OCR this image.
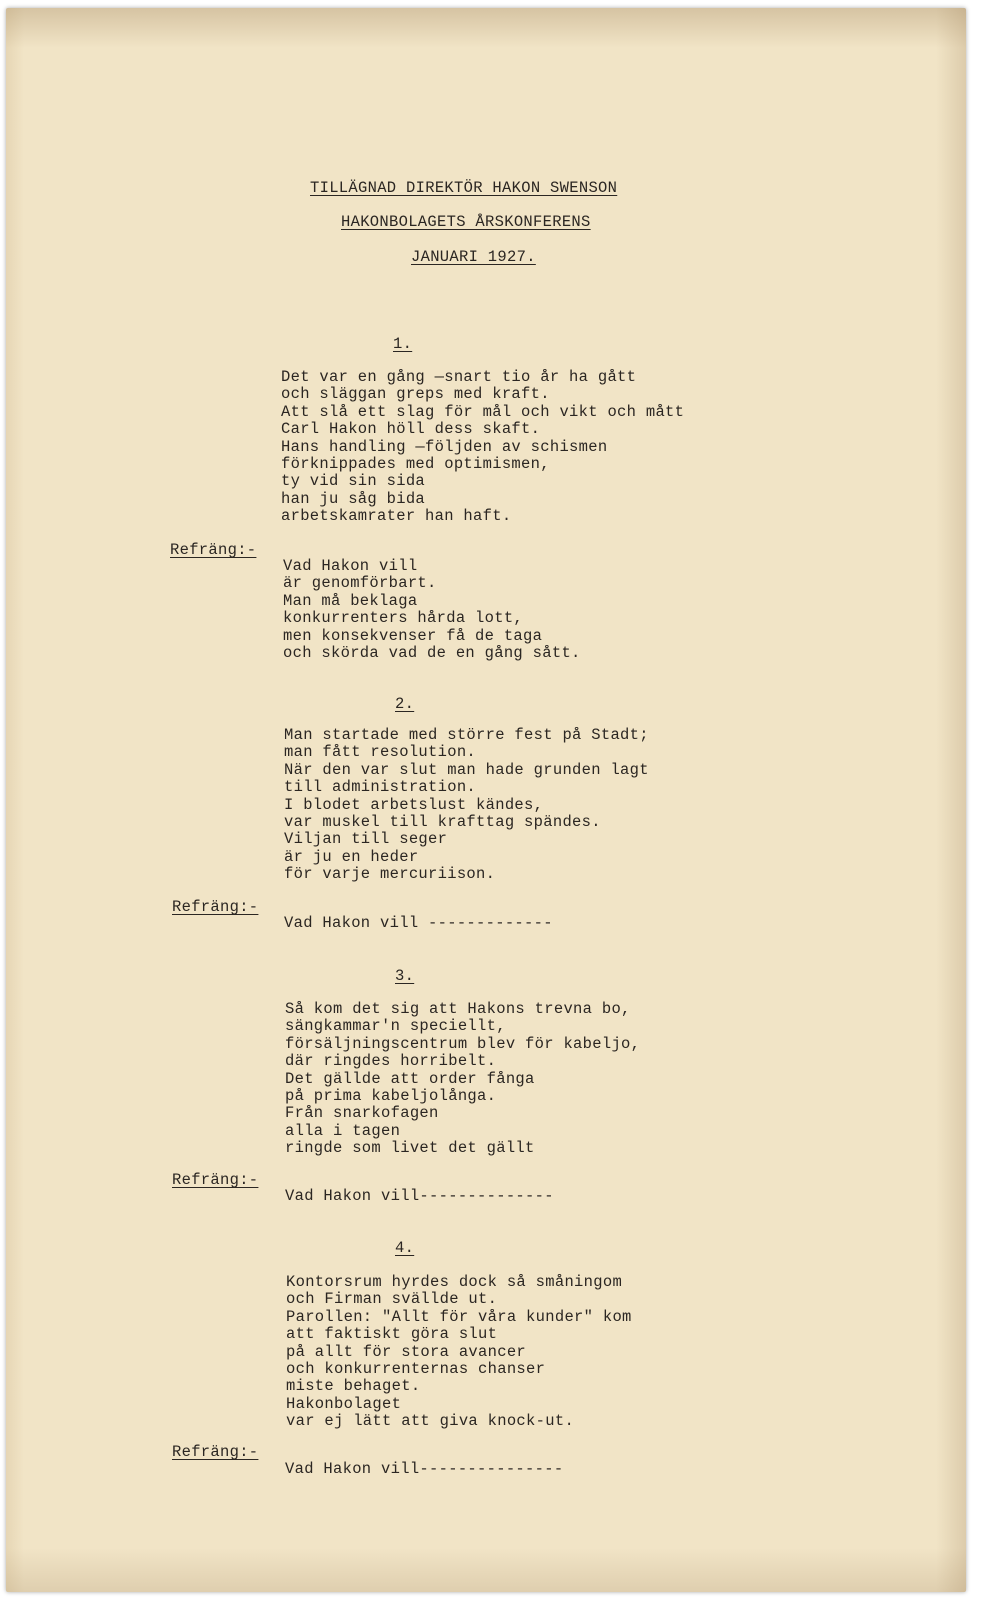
TILLÄGNAD DIREKTÖR HAKON SWENSON
HAKONBOLAGETS ÅRSKONFERENS
JANUARI 1927.
1.
Det var en gång —snart tio år ha gått
och släggan greps med kraft.
Att slå ett slag för mål och vikt och mått
Carl Hakon höll dess skaft.
Hans handling —följden av schismen
förknippades med optimismen,
ty vid sin sida
han ju såg bida
arbetskamrater han haft.
Refräng:-
Vad Hakon vill
är genomförbart.
Man må beklaga
konkurrenters hårda lott,
men konsekvenser få de taga
och skörda vad de en gång sått.
2.
Man startade med större fest på Stadt;
man fått resolution.
När den var slut man hade grunden lagt
till administration.
I blodet arbetslust kändes,
var muskel till krafttag spändes.
Viljan till seger
är ju en heder
för varje mercuriison.
Refräng:-
Vad Hakon vill -------------
3.
Så kom det sig att Hakons trevna bo,
sängkammar'n speciellt,
försäljningscentrum blev för kabeljo,
där ringdes horribelt.
Det gällde att order fånga
på prima kabeljolånga.
Från snarkofagen
alla i tagen
ringde som livet det gällt
Refräng:-
Vad Hakon vill--------------
4.
Kontorsrum hyrdes dock så småningom
och Firman svällde ut.
Parollen: "Allt för våra kunder" kom
att faktiskt göra slut
på allt för stora avancer
och konkurrenternas chanser
miste behaget.
Hakonbolaget
var ej lätt att giva knock-ut.
Refräng:-
Vad Hakon vill---------------
